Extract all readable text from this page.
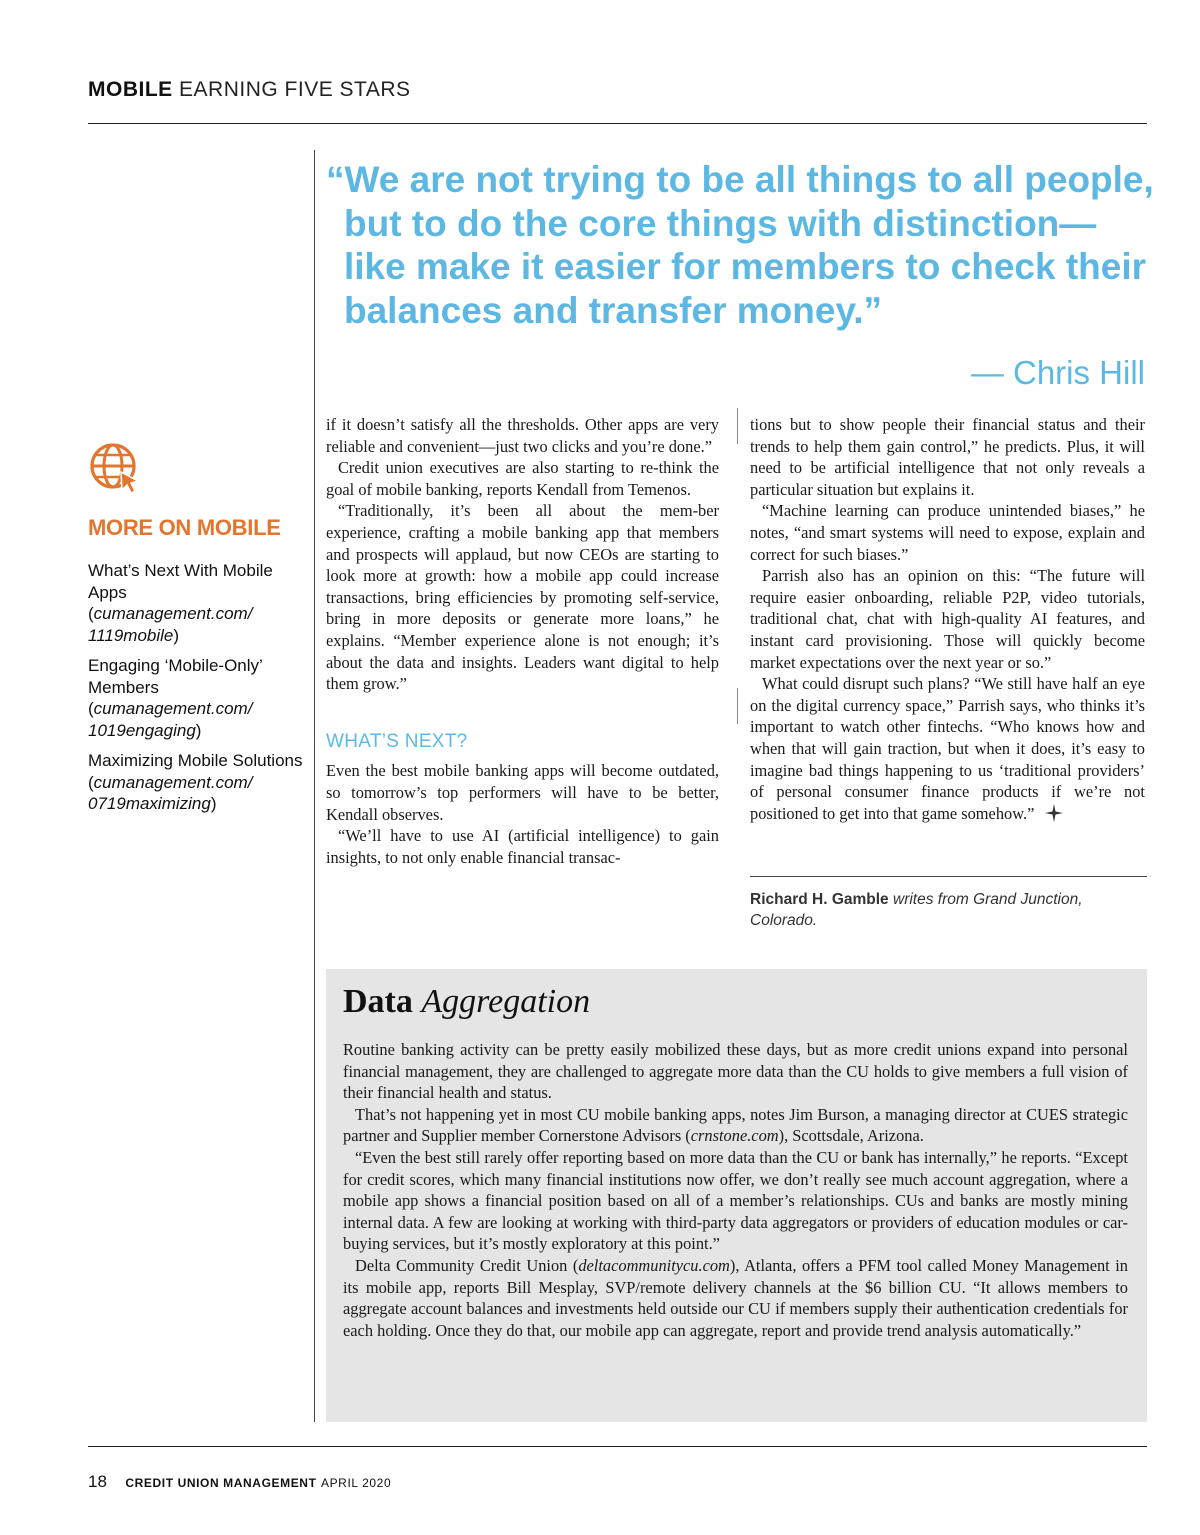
MOBILE EARNING FIVE STARS
“We are not trying to be all things to all people,
but to do the core things with distinction—
like make it easier for members to check their
balances and transfer money.”
— Chris Hill
MORE ON MOBILE
What’s Next With Mobile Apps
(cumanagement.com/ 1119mobile)
Engaging ‘Mobile-Only’ Members
(cumanagement.com/ 1019engaging)
Maximizing Mobile Solutions
(cumanagement.com/ 0719maximizing)

if it doesn’t satisfy all the thresholds. Other apps are very reliable and convenient—just two clicks and you’re done.”

Credit union executives are also starting to re-think the goal of mobile banking, reports Kendall from Temenos.

“Traditionally, it’s been all about the mem-ber experience, crafting a mobile banking app that members and prospects will applaud, but now CEOs are starting to look more at growth: how a mobile app could increase transactions, bring efficiencies by promoting self-service, bring in more deposits or generate more loans,” he explains. “Member experience alone is not enough; it’s about the data and insights. Leaders want digital to help them grow.”

WHAT’S NEXT?

Even the best mobile banking apps will become outdated, so tomorrow’s top performers will have to be better, Kendall observes.

“We’ll have to use AI (artificial intelligence) to gain insights, to not only enable financial transac-

tions but to show people their financial status and their trends to help them gain control,” he predicts. Plus, it will need to be artificial intelligence that not only reveals a particular situation but explains it.

“Machine learning can produce unintended biases,” he notes, “and smart systems will need to expose, explain and correct for such biases.”

Parrish also has an opinion on this: “The future will require easier onboarding, reliable P2P, video tutorials, traditional chat, chat with high-quality AI features, and instant card provisioning. Those will quickly become market expectations over the next year or so.”

What could disrupt such plans? “We still have half an eye on the digital currency space,” Parrish says, who thinks it’s important to watch other fintechs. “Who knows how and when that will gain traction, but when it does, it’s easy to imagine bad things happening to us ‘traditional providers’ of personal consumer finance products if we’re not positioned to get into that game somehow.”

Richard H. Gamble writes from Grand Junction, Colorado.
Data Aggregation

Routine banking activity can be pretty easily mobilized these days, but as more credit unions expand into personal financial management, they are challenged to aggregate more data than the CU holds to give members a full vision of their financial health and status.

That’s not happening yet in most CU mobile banking apps, notes Jim Burson, a managing director at CUES strategic partner and Supplier member Cornerstone Advisors (crnstone.com), Scottsdale, Arizona.

“Even the best still rarely offer reporting based on more data than the CU or bank has internally,” he reports. “Except for credit scores, which many financial institutions now offer, we don’t really see much account aggregation, where a mobile app shows a financial position based on all of a member’s relationships. CUs and banks are mostly mining internal data. A few are looking at working with third-party data aggregators or providers of education modules or car-buying services, but it’s mostly exploratory at this point.”

Delta Community Credit Union (deltacommunitycu.com), Atlanta, offers a PFM tool called Money Management in its mobile app, reports Bill Mesplay, SVP/remote delivery channels at the $6 billion CU. “It allows members to aggregate account balances and investments held outside our CU if members supply their authentication credentials for each holding. Once they do that, our mobile app can aggregate, report and provide trend analysis automatically.”

18 CREDIT UNION MANAGEMENT APRIL 2020
